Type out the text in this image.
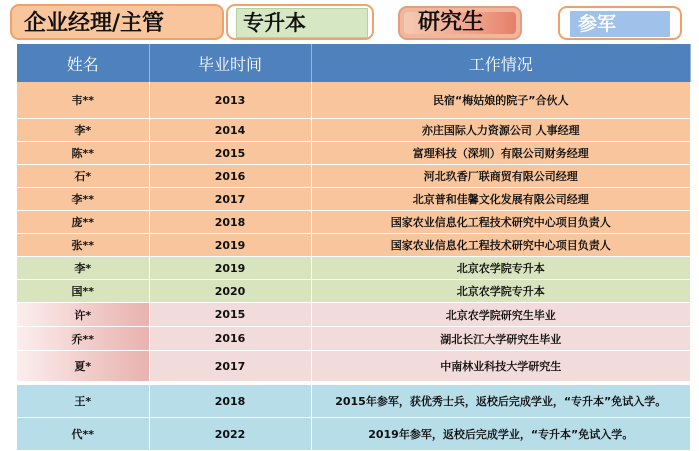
企业经理/主管	专升本	研究生	参军
姓名	毕业时间	工作情况
韦**	2013	民宿“梅姑娘的院子”合伙人
李*	2014	亦庄国际人力资源公司 人事经理
陈**	2015	富理科技（深圳）有限公司财务经理
石*	2016	河北玖香厂联商贸有限公司经理
李**	2017	北京普和佳馨文化发展有限公司经理
庞**	2018	国家农业信息化工程技术研究中心项目负责人
张**	2019	国家农业信息化工程技术研究中心项目负责人
李*	2019	北京农学院专升本
国**	2020	北京农学院专升本
许*	2015	北京农学院研究生毕业
乔**	2016	湖北长江大学研究生毕业
夏*	2017	中南林业科技大学研究生
王*	2018	2015年参军，获优秀士兵，返校后完成学业，“专升本”免试入学。
代**	2022	2019年参军，返校后完成学业，“专升本”免试入学。
